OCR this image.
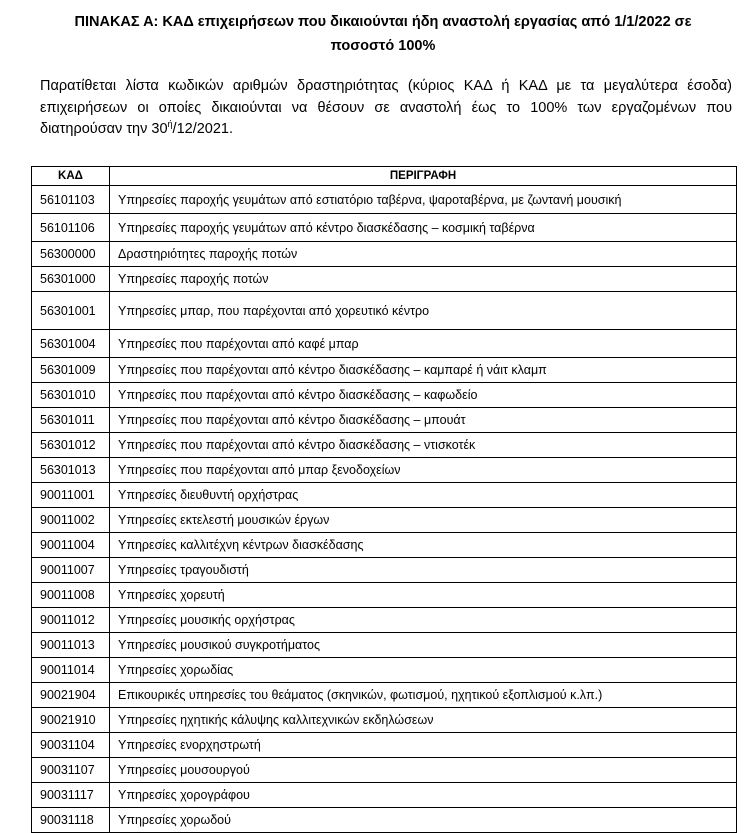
ΠΙΝΑΚΑΣ Α: ΚΑΔ επιχειρήσεων που δικαιούνται ήδη αναστολή εργασίας από 1/1/2022 σε
ποσοστό 100%
Παρατίθεται λίστα κωδικών αριθμών δραστηριότητας (κύριος ΚΑΔ ή ΚΑΔ με τα μεγαλύτερα έσοδα) επιχειρήσεων οι οποίες δικαιούνται να θέσουν σε αναστολή έως το 100% των εργαζομένων που διατηρούσαν την $30^ή/12/2021$.
ΚΑΔ	ΠΕΡΙΓΡΑΦΗ
56101103	Υπηρεσίες παροχής γευμάτων από εστιατόριο ταβέρνα, ψαροταβέρνα, με ζωντανή μουσική
56101106	Υπηρεσίες παροχής γευμάτων από κέντρο διασκέδασης – κοσμική ταβέρνα
56300000	Δραστηριότητες παροχής ποτών
56301000	Υπηρεσίες παροχής ποτών
56301001	Υπηρεσίες μπαρ, που παρέχονται από χορευτικό κέντρο
56301004	Υπηρεσίες που παρέχονται από καφέ μπαρ
56301009	Υπηρεσίες που παρέχονται από κέντρο διασκέδασης – καμπαρέ ή νάιτ κλαμπ
56301010	Υπηρεσίες που παρέχονται από κέντρο διασκέδασης – καφωδείο
56301011	Υπηρεσίες που παρέχονται από κέντρο διασκέδασης – μπουάτ
56301012	Υπηρεσίες που παρέχονται από κέντρο διασκέδασης – ντισκοτέκ
56301013	Υπηρεσίες που παρέχονται από μπαρ ξενοδοχείων
90011001	Υπηρεσίες διευθυντή ορχήστρας
90011002	Υπηρεσίες εκτελεστή μουσικών έργων
90011004	Υπηρεσίες καλλιτέχνη κέντρων διασκέδασης
90011007	Υπηρεσίες τραγουδιστή
90011008	Υπηρεσίες χορευτή
90011012	Υπηρεσίες μουσικής ορχήστρας
90011013	Υπηρεσίες μουσικού συγκροτήματος
90011014	Υπηρεσίες χορωδίας
90021904	Επικουρικές υπηρεσίες του θεάματος (σκηνικών, φωτισμού, ηχητικού εξοπλισμού κ.λπ.)
90021910	Υπηρεσίες ηχητικής κάλυψης καλλιτεχνικών εκδηλώσεων
90031104	Υπηρεσίες ενορχηστρωτή
90031107	Υπηρεσίες μουσουργού
90031117	Υπηρεσίες χορογράφου
90031118	Υπηρεσίες χορωδού
